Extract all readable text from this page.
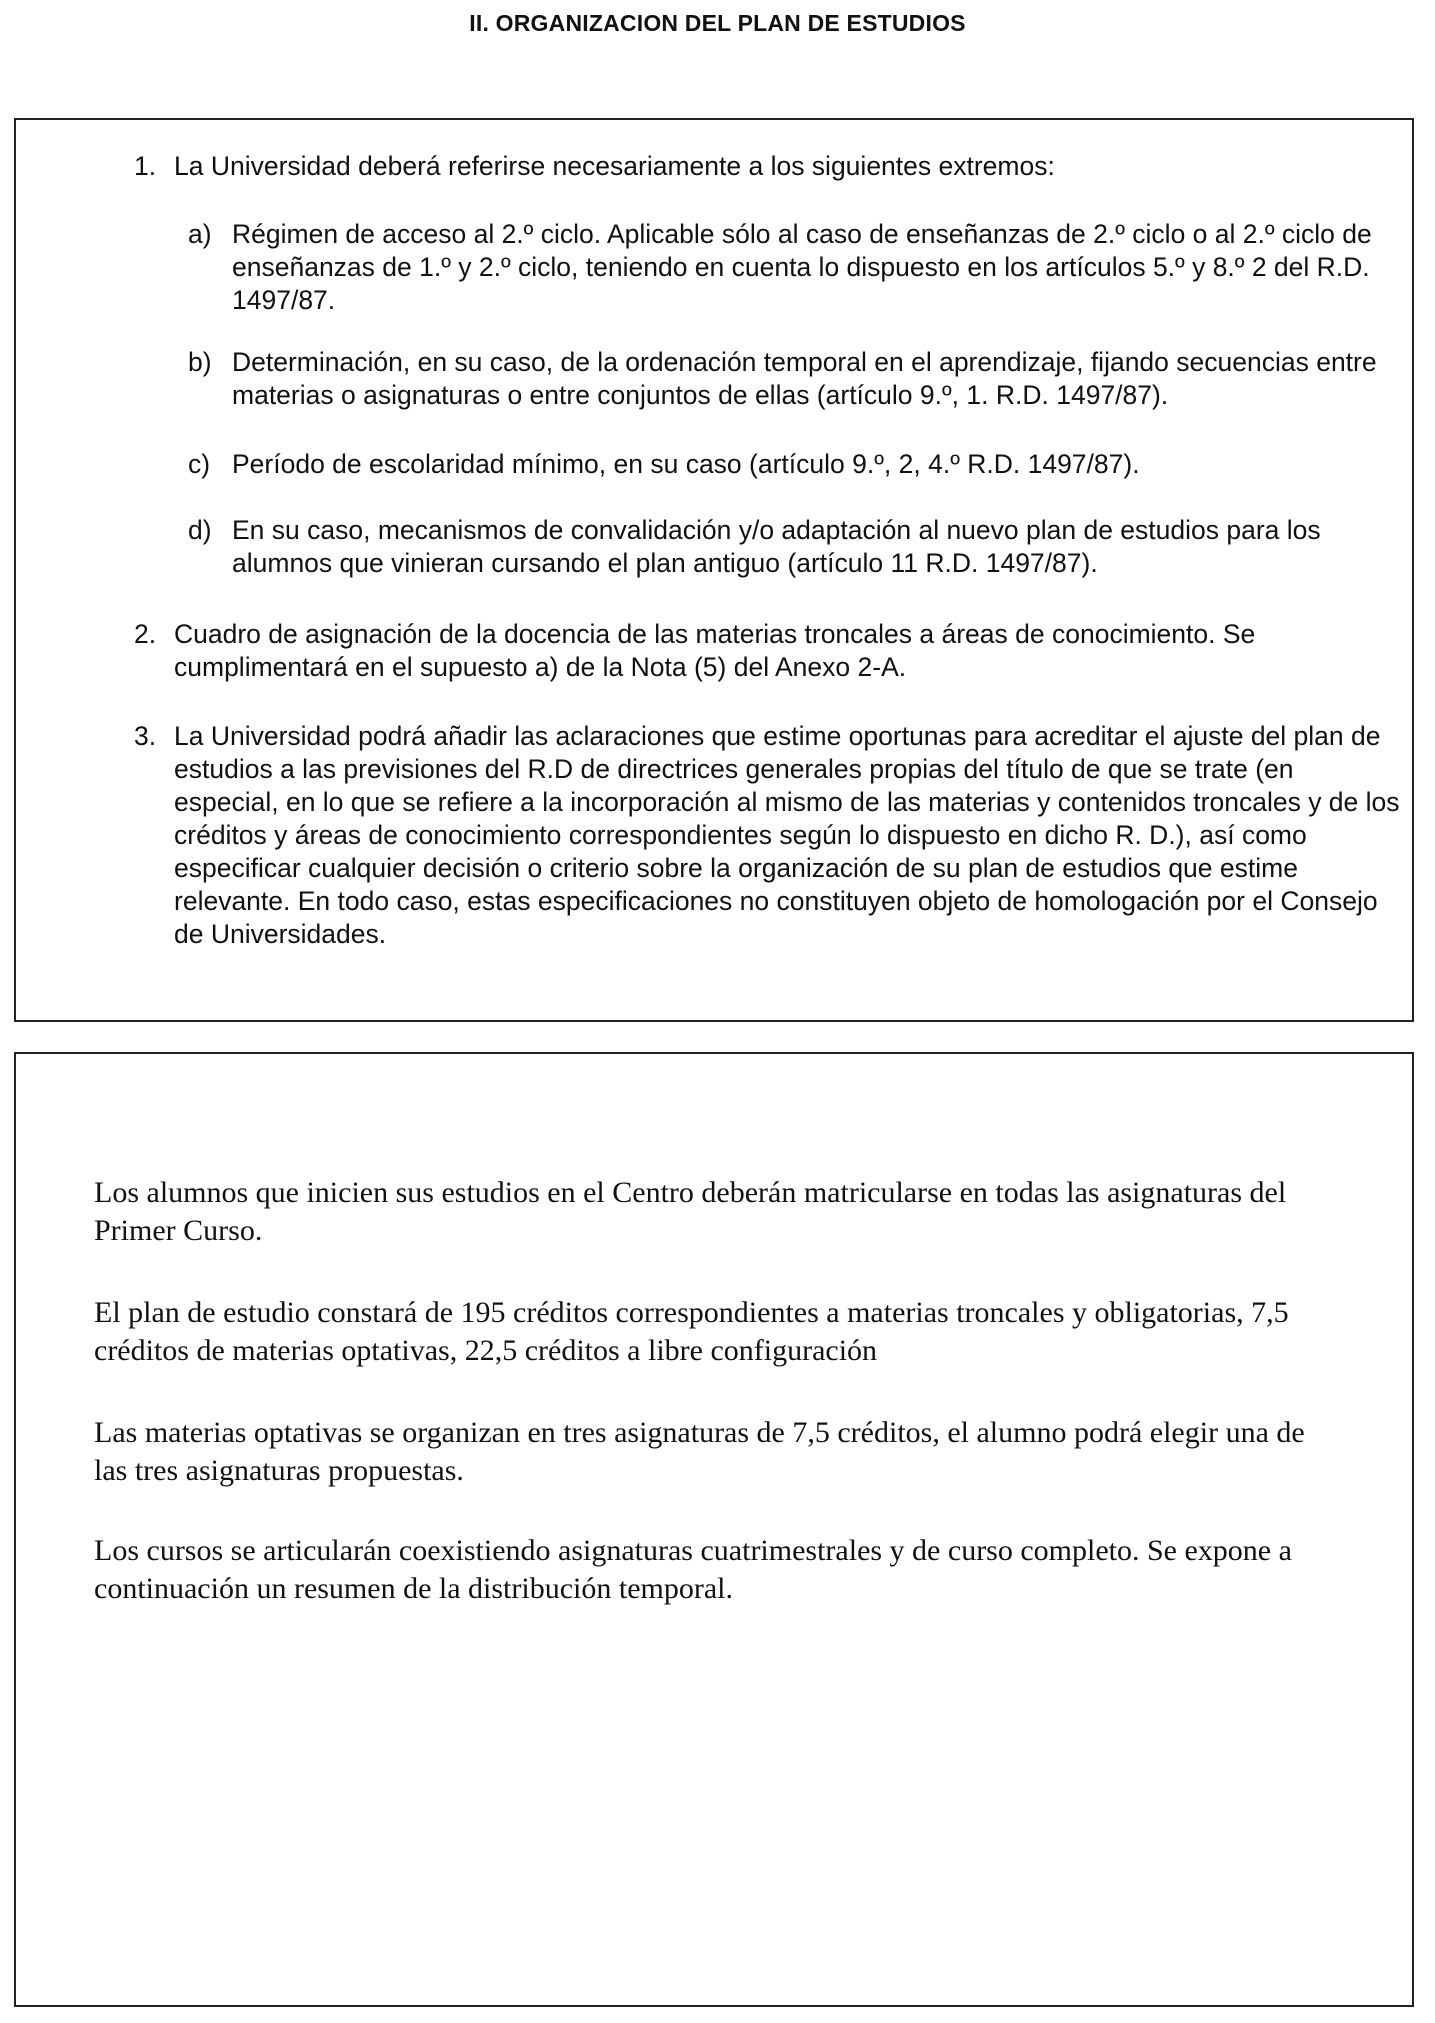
II. ORGANIZACION DEL PLAN DE ESTUDIOS
1. La Universidad deberá referirse necesariamente a los siguientes extremos:
a) Régimen de acceso al 2.º ciclo. Aplicable sólo al caso de enseñanzas de 2.º ciclo o al 2.º ciclo de enseñanzas de 1.º y 2.º ciclo, teniendo en cuenta lo dispuesto en los artículos 5.º y 8.º 2 del R.D. 1497/87.
b) Determinación, en su caso, de la ordenación temporal en el aprendizaje, fijando secuencias entre materias o asignaturas o entre conjuntos de ellas (artículo 9.º, 1. R.D. 1497/87).
c) Período de escolaridad mínimo, en su caso (artículo 9.º, 2, 4.º R.D. 1497/87).
d) En su caso, mecanismos de convalidación y/o adaptación al nuevo plan de estudios para los alumnos que vinieran cursando el plan antiguo (artículo 11 R.D. 1497/87).
2. Cuadro de asignación de la docencia de las materias troncales a áreas de conocimiento. Se cumplimentará en el supuesto a) de la Nota (5) del Anexo 2-A.
3. La Universidad podrá añadir las aclaraciones que estime oportunas para acreditar el ajuste del plan de estudios a las previsiones del R.D de directrices generales propias del título de que se trate (en especial, en lo que se refiere a la incorporación al mismo de las materias y contenidos troncales y de los créditos y áreas de conocimiento correspondientes según lo dispuesto en dicho R. D.), así como especificar cualquier decisión o criterio sobre la organización de su plan de estudios que estime relevante. En todo caso, estas especificaciones no constituyen objeto de homologación por el Consejo de Universidades.

Los alumnos que inicien sus estudios en el Centro deberán matricularse en todas las asignaturas del Primer Curso.

El plan de estudio constará de 195 créditos correspondientes a materias troncales y obligatorias, 7,5 créditos de materias optativas, 22,5 créditos a libre configuración

Las materias optativas se organizan en tres asignaturas de 7,5 créditos, el alumno podrá elegir una de las tres asignaturas propuestas.

Los cursos se articularán coexistiendo asignaturas cuatrimestrales y de curso completo. Se expone a continuación un resumen de la distribución temporal.
